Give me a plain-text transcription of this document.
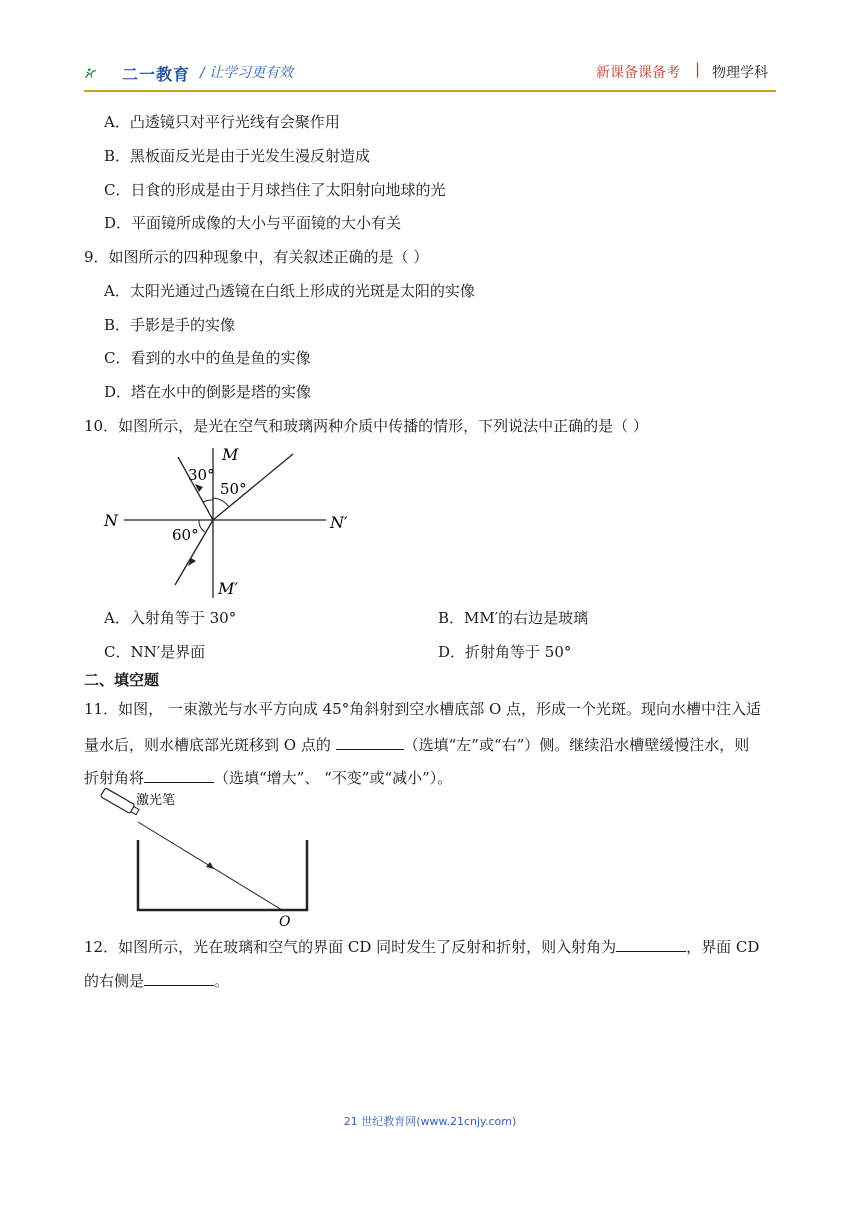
二一教育 / 让学习更有效	新课备课备考 | 物理学科
A．凸透镜只对平行光线有会聚作用
B．黑板面反光是由于光发生漫反射造成
C．日食的形成是由于月球挡住了太阳射向地球的光
D．平面镜所成像的大小与平面镜的大小有关
9．如图所示的四种现象中，有关叙述正确的是（ ）
A．太阳光通过凸透镜在白纸上形成的光斑是太阳的实像
B．手影是手的实像
C．看到的水中的鱼是鱼的实像
D．塔在水中的倒影是塔的实像
10．如图所示，是光在空气和玻璃两种介质中传播的情形，下列说法中正确的是（ ）
M
M′
N	N′
30°
50°
60°
A．入射角等于 30°	B．MM′的右边是玻璃
C．NN′是界面	D．折射角等于 50°
二、填空题
11．如图， 一束激光与水平方向成 45°角斜射到空水槽底部 O 点，形成一个光斑。现向水槽中注入适
量水后，则水槽底部光斑移到 O 点的	（选填“左”或“右”）侧。继续沿水槽壁缓慢注水，则
折射角将	（选填“增大”、 “不变”或“减小”）。
激光笔
O
12．如图所示，光在玻璃和空气的界面 CD 同时发生了反射和折射，则入射角为	，界面 CD
的右侧是	。
21 世纪教育网(www.21cnjy.com)
